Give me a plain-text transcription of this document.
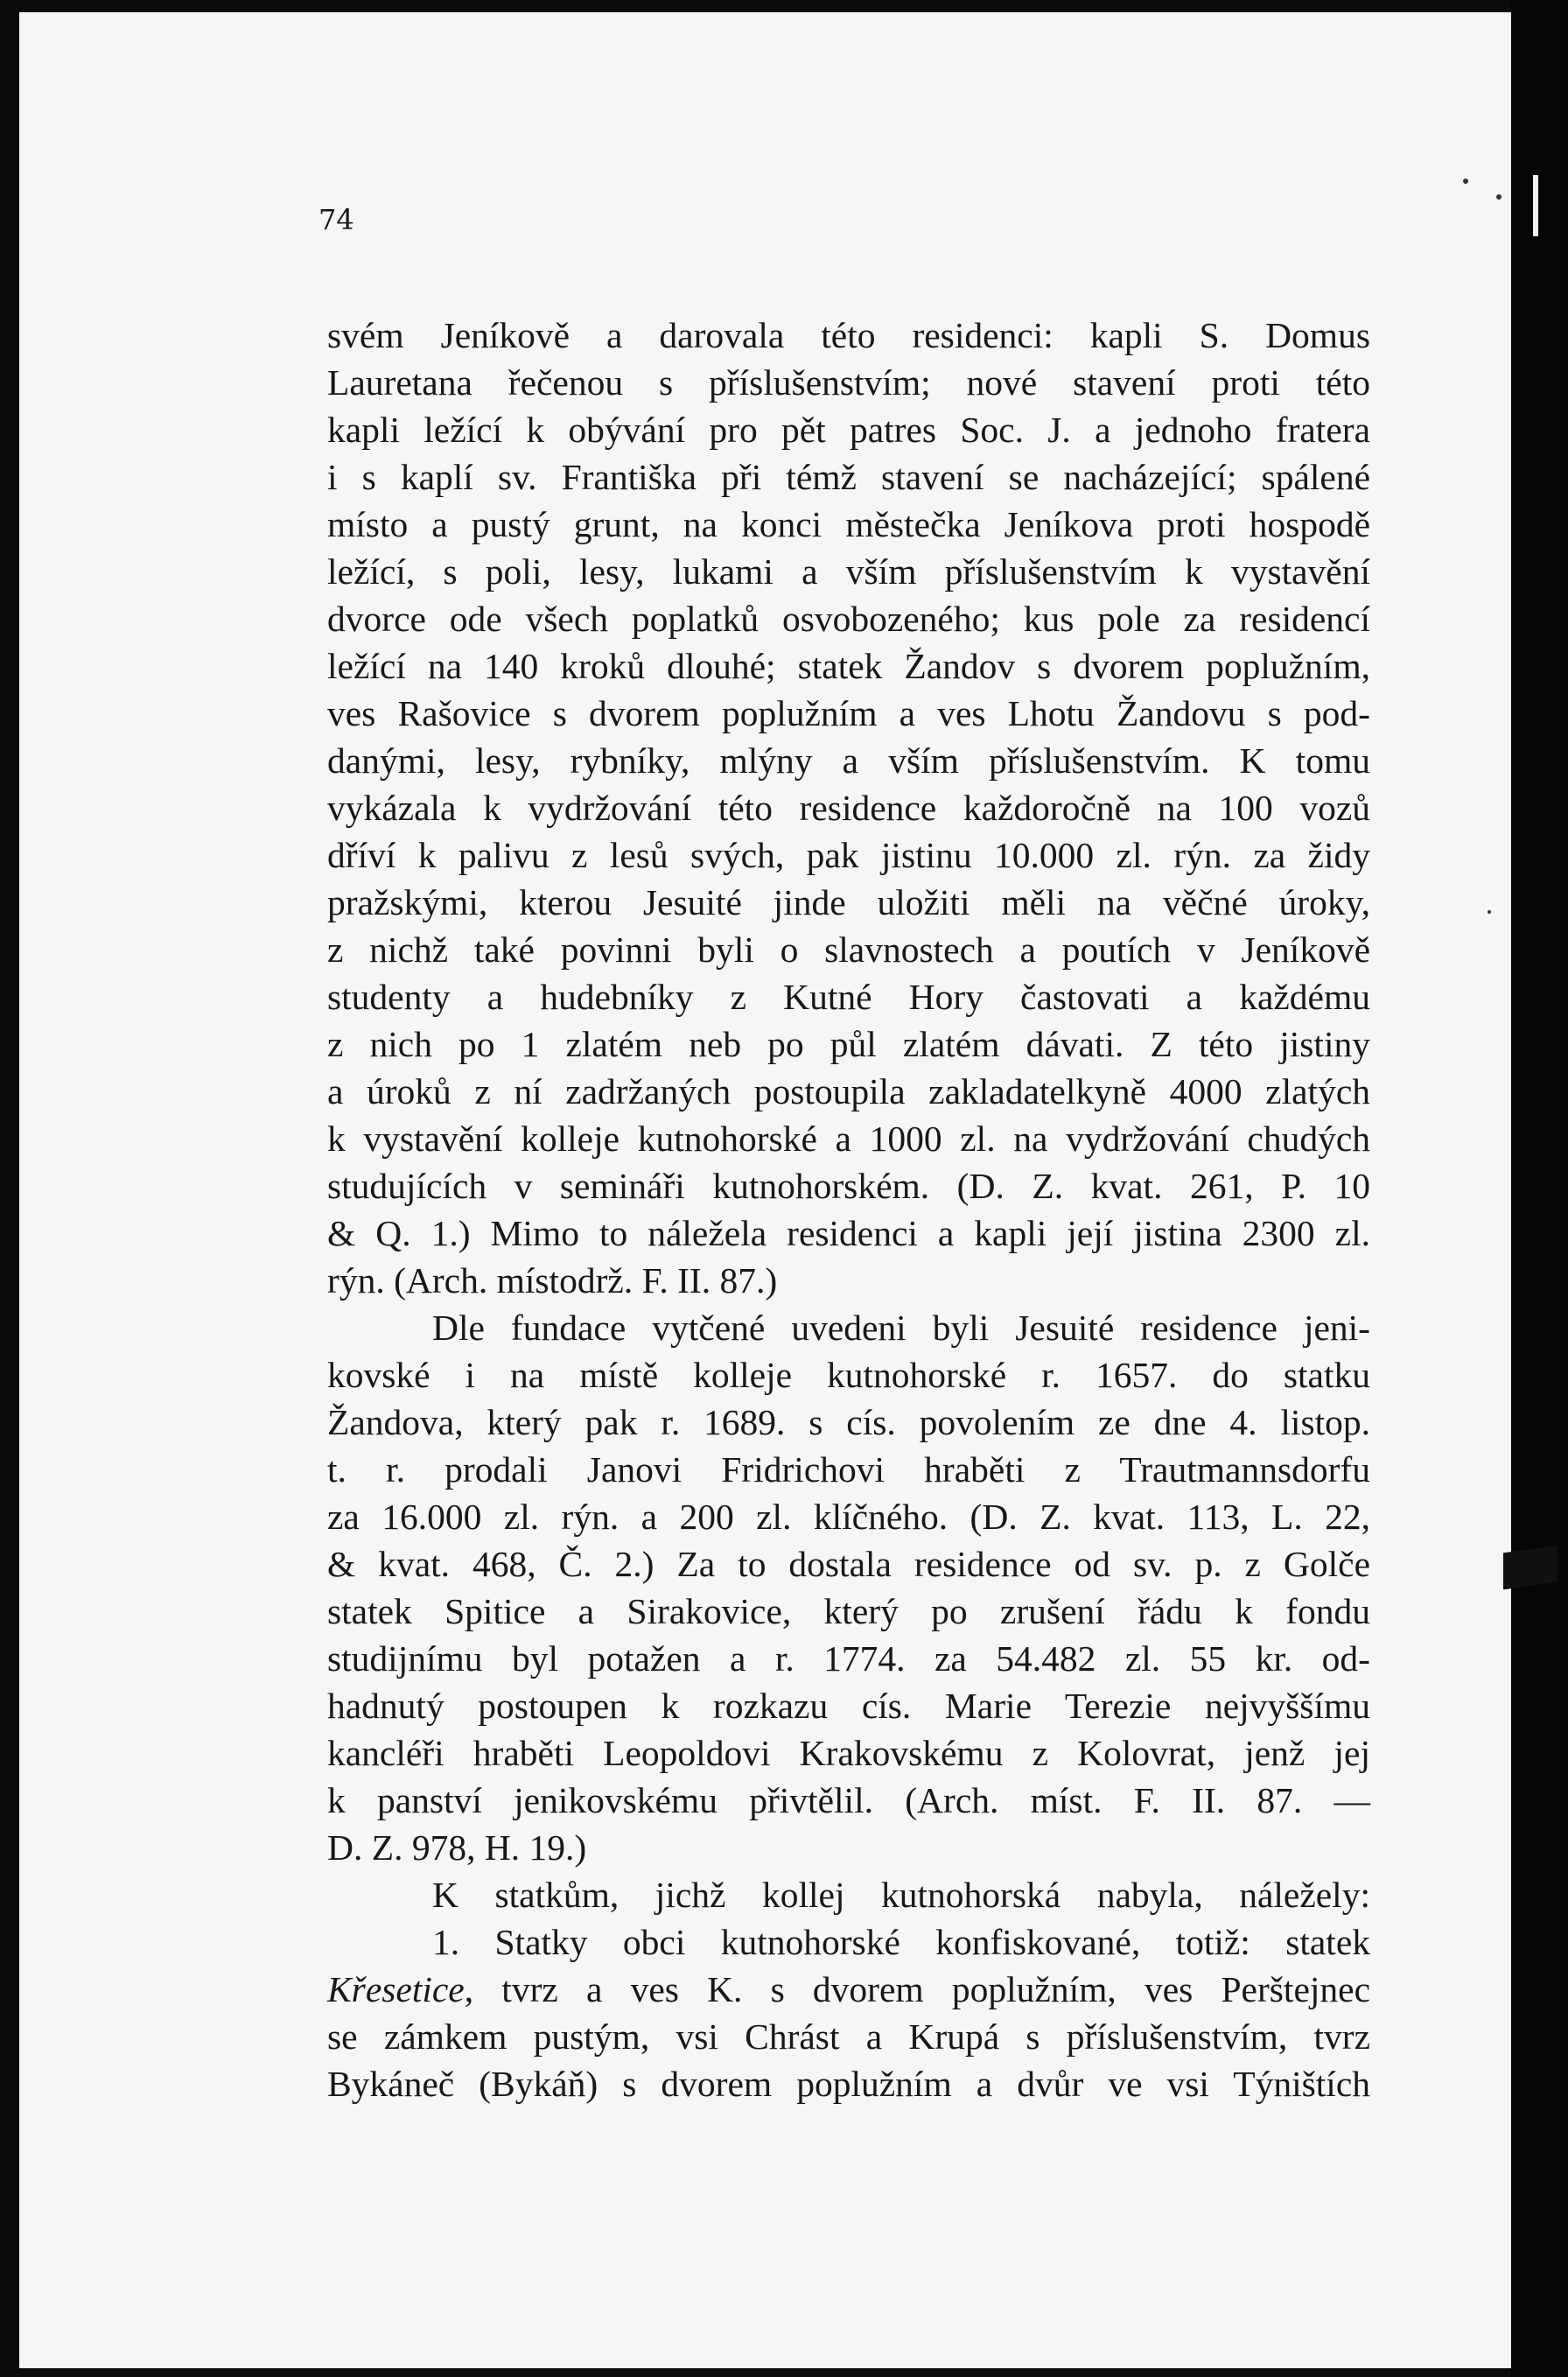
74
svém Jeníkově a darovala této residenci: kapli S. Domus
Lauretana řečenou s příslušenstvím; nové stavení proti této
kapli ležící k obývání pro pět patres Soc. J. a jednoho fratera
i s kaplí sv. Františka při témž stavení se nacházející; spálené
místo a pustý grunt, na konci městečka Jeníkova proti hospodě
ležící, s poli, lesy, lukami a vším příslušenstvím k vystavění
dvorce ode všech poplatků osvobozeného; kus pole za residencí
ležící na 140 kroků dlouhé; statek Žandov s dvorem poplužním,
ves Rašovice s dvorem poplužním a ves Lhotu Žandovu s pod-
danými, lesy, rybníky, mlýny a vším příslušenstvím. K tomu
vykázala k vydržování této residence každoročně na 100 vozů
dříví k palivu z lesů svých, pak jistinu 10.000 zl. rýn. za židy
pražskými, kterou Jesuité jinde uložiti měli na věčné úroky,
z nichž také povinni byli o slavnostech a poutích v Jeníkově
studenty a hudebníky z Kutné Hory častovati a každému
z nich po 1 zlatém neb po půl zlatém dávati. Z této jistiny
a úroků z ní zadržaných postoupila zakladatelkyně 4000 zlatých
k vystavění kolleje kutnohorské a 1000 zl. na vydržování chudých
studujících v semináři kutnohorském. (D. Z. kvat. 261, P. 10
& Q. 1.) Mimo to náležela residenci a kapli její jistina 2300 zl.
rýn. (Arch. místodrž. F. II. 87.)
Dle fundace vytčené uvedeni byli Jesuité residence jeni-
kovské i na místě kolleje kutnohorské r. 1657. do statku
Žandova, který pak r. 1689. s cís. povolením ze dne 4. listop.
t. r. prodali Janovi Fridrichovi hraběti z Trautmannsdorfu
za 16.000 zl. rýn. a 200 zl. klíčného. (D. Z. kvat. 113, L. 22,
& kvat. 468, Č. 2.) Za to dostala residence od sv. p. z Golče
statek Spitice a Sirakovice, který po zrušení řádu k fondu
studijnímu byl potažen a r. 1774. za 54.482 zl. 55 kr. od-
hadnutý postoupen k rozkazu cís. Marie Terezie nejvyššímu
kancléři hraběti Leopoldovi Krakovskému z Kolovrat, jenž jej
k panství jenikovskému přivtělil. (Arch. míst. F. II. 87. —
D. Z. 978, H. 19.)
K statkům, jichž kollej kutnohorská nabyla, náležely:
1. Statky obci kutnohorské konfiskované, totiž: statek
Křesetice, tvrz a ves K. s dvorem poplužním, ves Perštejnec
se zámkem pustým, vsi Chrást a Krupá s příslušenstvím, tvrz
Bykáneč (Bykáň) s dvorem poplužním a dvůr ve vsi Týništích
